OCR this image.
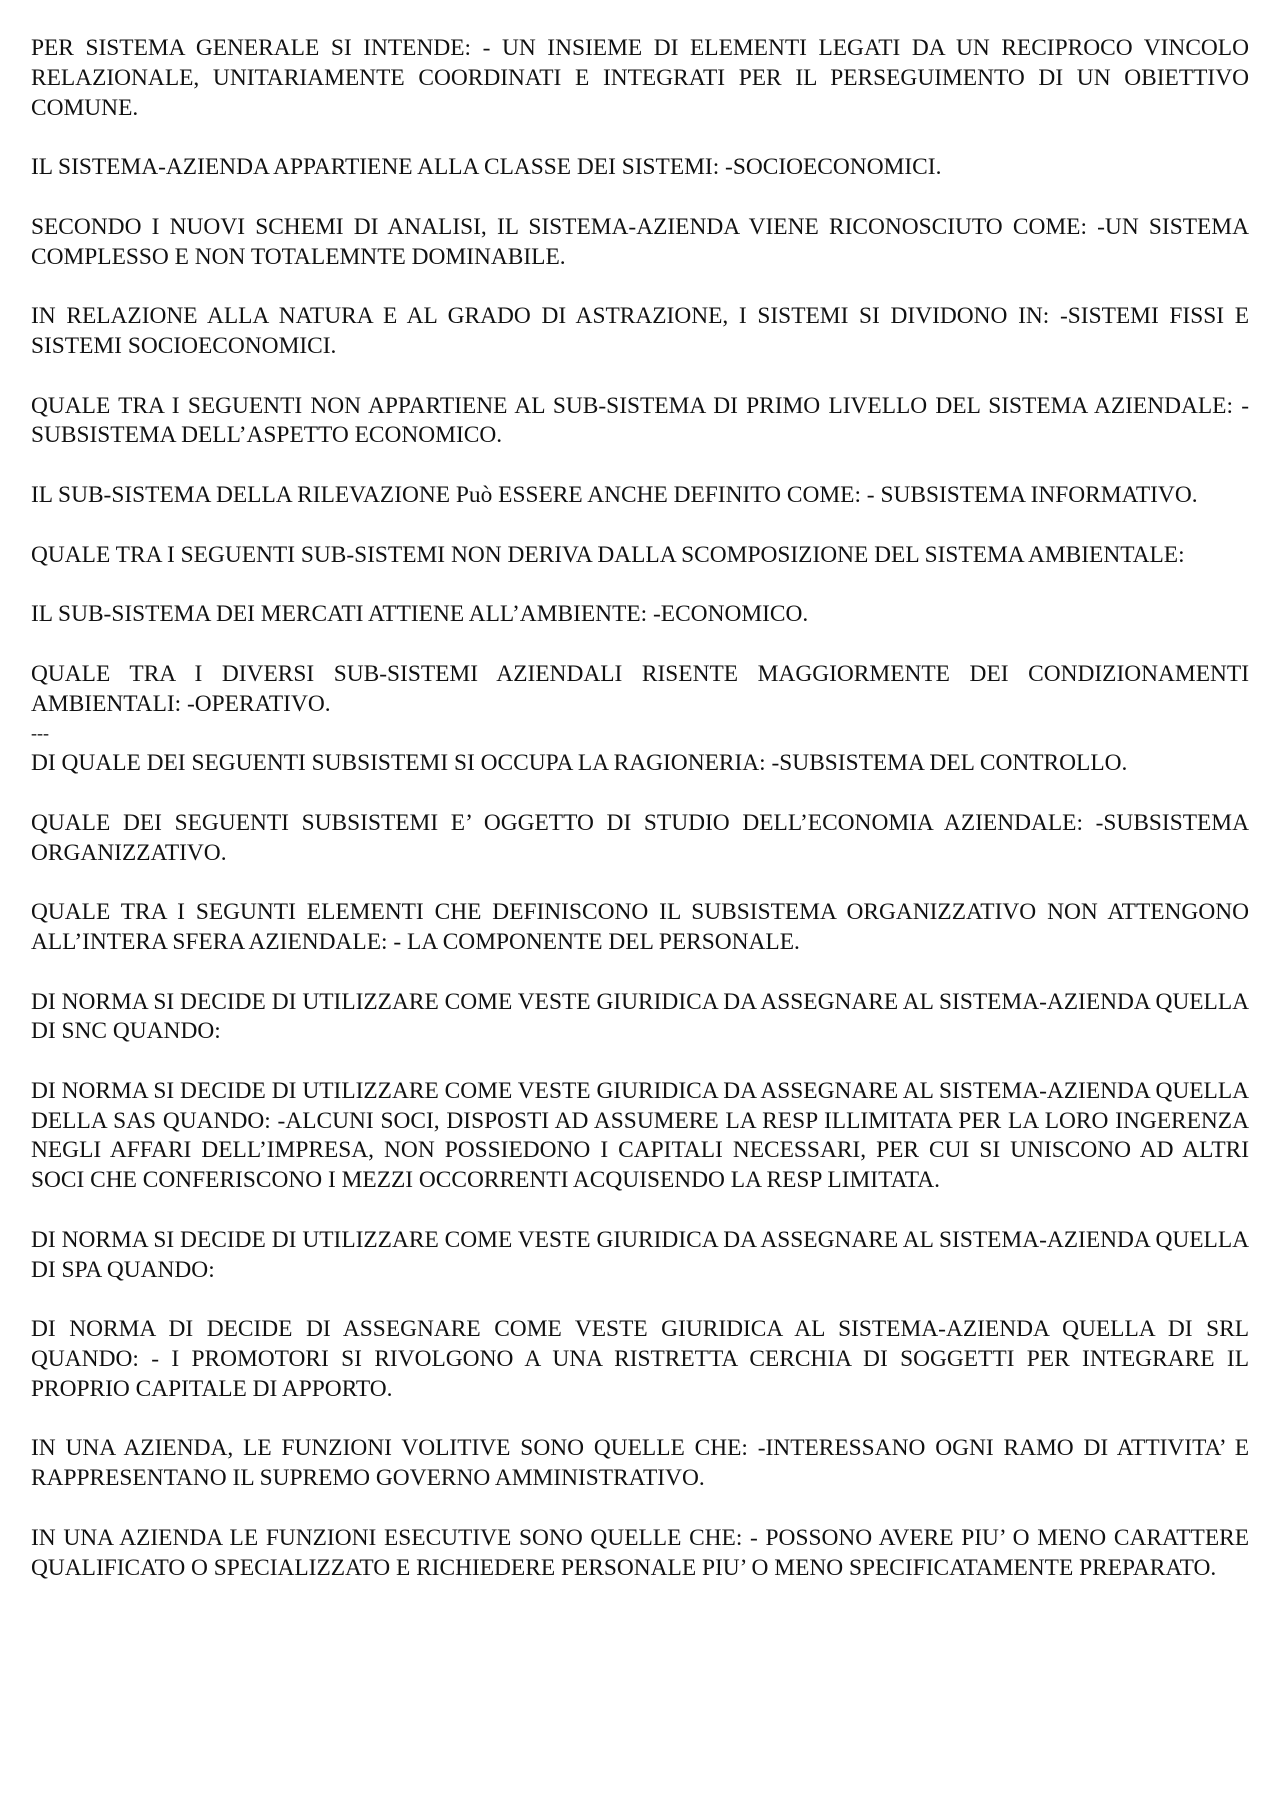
PER SISTEMA GENERALE SI INTENDE: - UN INSIEME DI ELEMENTI LEGATI DA UN RECIPROCO VINCOLO RELAZIONALE, UNITARIAMENTE COORDINATI E INTEGRATI PER IL PERSEGUIMENTO DI UN OBIETTIVO COMUNE.

IL SISTEMA-AZIENDA APPARTIENE ALLA CLASSE DEI SISTEMI: -SOCIOECONOMICI.

SECONDO I NUOVI SCHEMI DI ANALISI, IL SISTEMA-AZIENDA VIENE RICONOSCIUTO COME: -UN SISTEMA COMPLESSO E NON TOTALEMNTE DOMINABILE.

IN RELAZIONE ALLA NATURA E AL GRADO DI ASTRAZIONE, I SISTEMI SI DIVIDONO IN: -SISTEMI FISSI E SISTEMI SOCIOECONOMICI.

QUALE TRA I SEGUENTI NON APPARTIENE AL SUB-SISTEMA DI PRIMO LIVELLO DEL SISTEMA AZIENDALE: -SUBSISTEMA DELL’ASPETTO ECONOMICO.

IL SUB-SISTEMA DELLA RILEVAZIONE Può ESSERE ANCHE DEFINITO COME: - SUBSISTEMA INFORMATIVO.

QUALE TRA I SEGUENTI SUB-SISTEMI NON DERIVA DALLA SCOMPOSIZIONE DEL SISTEMA AMBIENTALE:

IL SUB-SISTEMA DEI MERCATI ATTIENE ALL’AMBIENTE: -ECONOMICO.

QUALE TRA I DIVERSI SUB-SISTEMI AZIENDALI RISENTE MAGGIORMENTE DEI CONDIZIONAMENTI AMBIENTALI: -OPERATIVO.

---

DI QUALE DEI SEGUENTI SUBSISTEMI SI OCCUPA LA RAGIONERIA: -SUBSISTEMA DEL CONTROLLO.

QUALE DEI SEGUENTI SUBSISTEMI E’ OGGETTO DI STUDIO DELL’ECONOMIA AZIENDALE: -SUBSISTEMA ORGANIZZATIVO.

QUALE TRA I SEGUNTI ELEMENTI CHE DEFINISCONO IL SUBSISTEMA ORGANIZZATIVO NON ATTENGONO ALL’INTERA SFERA AZIENDALE: - LA COMPONENTE DEL PERSONALE.

DI NORMA SI DECIDE DI UTILIZZARE COME VESTE GIURIDICA DA ASSEGNARE AL SISTEMA-AZIENDA QUELLA DI SNC QUANDO:

DI NORMA SI DECIDE DI UTILIZZARE COME VESTE GIURIDICA DA ASSEGNARE AL SISTEMA-AZIENDA QUELLA DELLA SAS QUANDO: -ALCUNI SOCI, DISPOSTI AD ASSUMERE LA RESP ILLIMITATA PER LA LORO INGERENZA NEGLI AFFARI DELL’IMPRESA, NON POSSIEDONO I CAPITALI NECESSARI, PER CUI SI UNISCONO AD ALTRI SOCI CHE CONFERISCONO I MEZZI OCCORRENTI ACQUISENDO LA RESP LIMITATA.

DI NORMA SI DECIDE DI UTILIZZARE COME VESTE GIURIDICA DA ASSEGNARE AL SISTEMA-AZIENDA QUELLA DI SPA QUANDO:

DI NORMA DI DECIDE DI ASSEGNARE COME VESTE GIURIDICA AL SISTEMA-AZIENDA QUELLA DI SRL QUANDO: - I PROMOTORI SI RIVOLGONO A UNA RISTRETTA CERCHIA DI SOGGETTI PER INTEGRARE IL PROPRIO CAPITALE DI APPORTO.

IN UNA AZIENDA, LE FUNZIONI VOLITIVE SONO QUELLE CHE: -INTERESSANO OGNI RAMO DI ATTIVITA’ E RAPPRESENTANO IL SUPREMO GOVERNO AMMINISTRATIVO.

IN UNA AZIENDA LE FUNZIONI ESECUTIVE SONO QUELLE CHE: - POSSONO AVERE PIU’ O MENO CARATTERE QUALIFICATO O SPECIALIZZATO E RICHIEDERE PERSONALE PIU’ O MENO SPECIFICATAMENTE PREPARATO.
